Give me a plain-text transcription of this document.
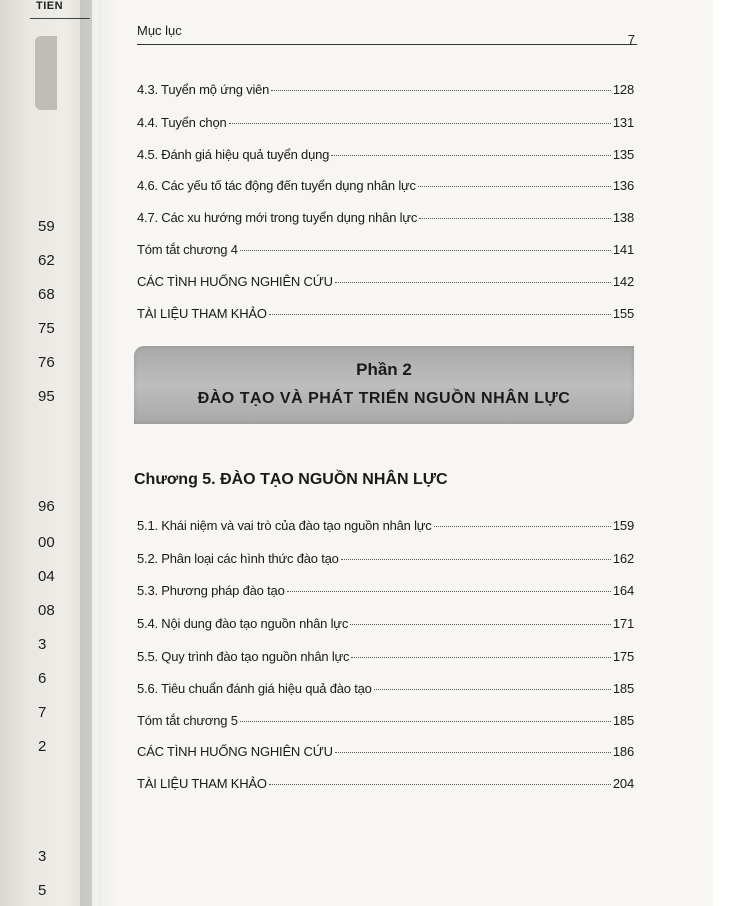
TIEN
59
62
68
75
76
95
96
00
04
08
3
6
7
2
3
5
Mục lục
7
4.3. Tuyển mộ ứng viên	128
4.4. Tuyển chọn	131
4.5. Đánh giá hiệu quả tuyển dụng	135
4.6. Các yếu tố tác động đến tuyển dụng nhân lực	136
4.7. Các xu hướng mới trong tuyển dụng nhân lực	138
Tóm tắt chương 4	141
CÁC TÌNH HUỐNG NGHIÊN CỨU	142
TÀI LIỆU THAM KHẢO	155
Phần 2
ĐÀO TẠO VÀ PHÁT TRIỂN NGUỒN NHÂN LỰC
Chương 5. ĐÀO TẠO NGUỒN NHÂN LỰC
5.1. Khái niệm và vai trò của đào tạo nguồn nhân lực	159
5.2. Phân loại các hình thức đào tạo	162
5.3. Phương pháp đào tạo	164
5.4. Nội dung đào tạo nguồn nhân lực	171
5.5. Quy trình đào tạo nguồn nhân lực	175
5.6. Tiêu chuẩn đánh giá hiệu quả đào tạo	185
Tóm tắt chương 5	185
CÁC TÌNH HUỐNG NGHIÊN CỨU	186
TÀI LIỆU THAM KHẢO	204
